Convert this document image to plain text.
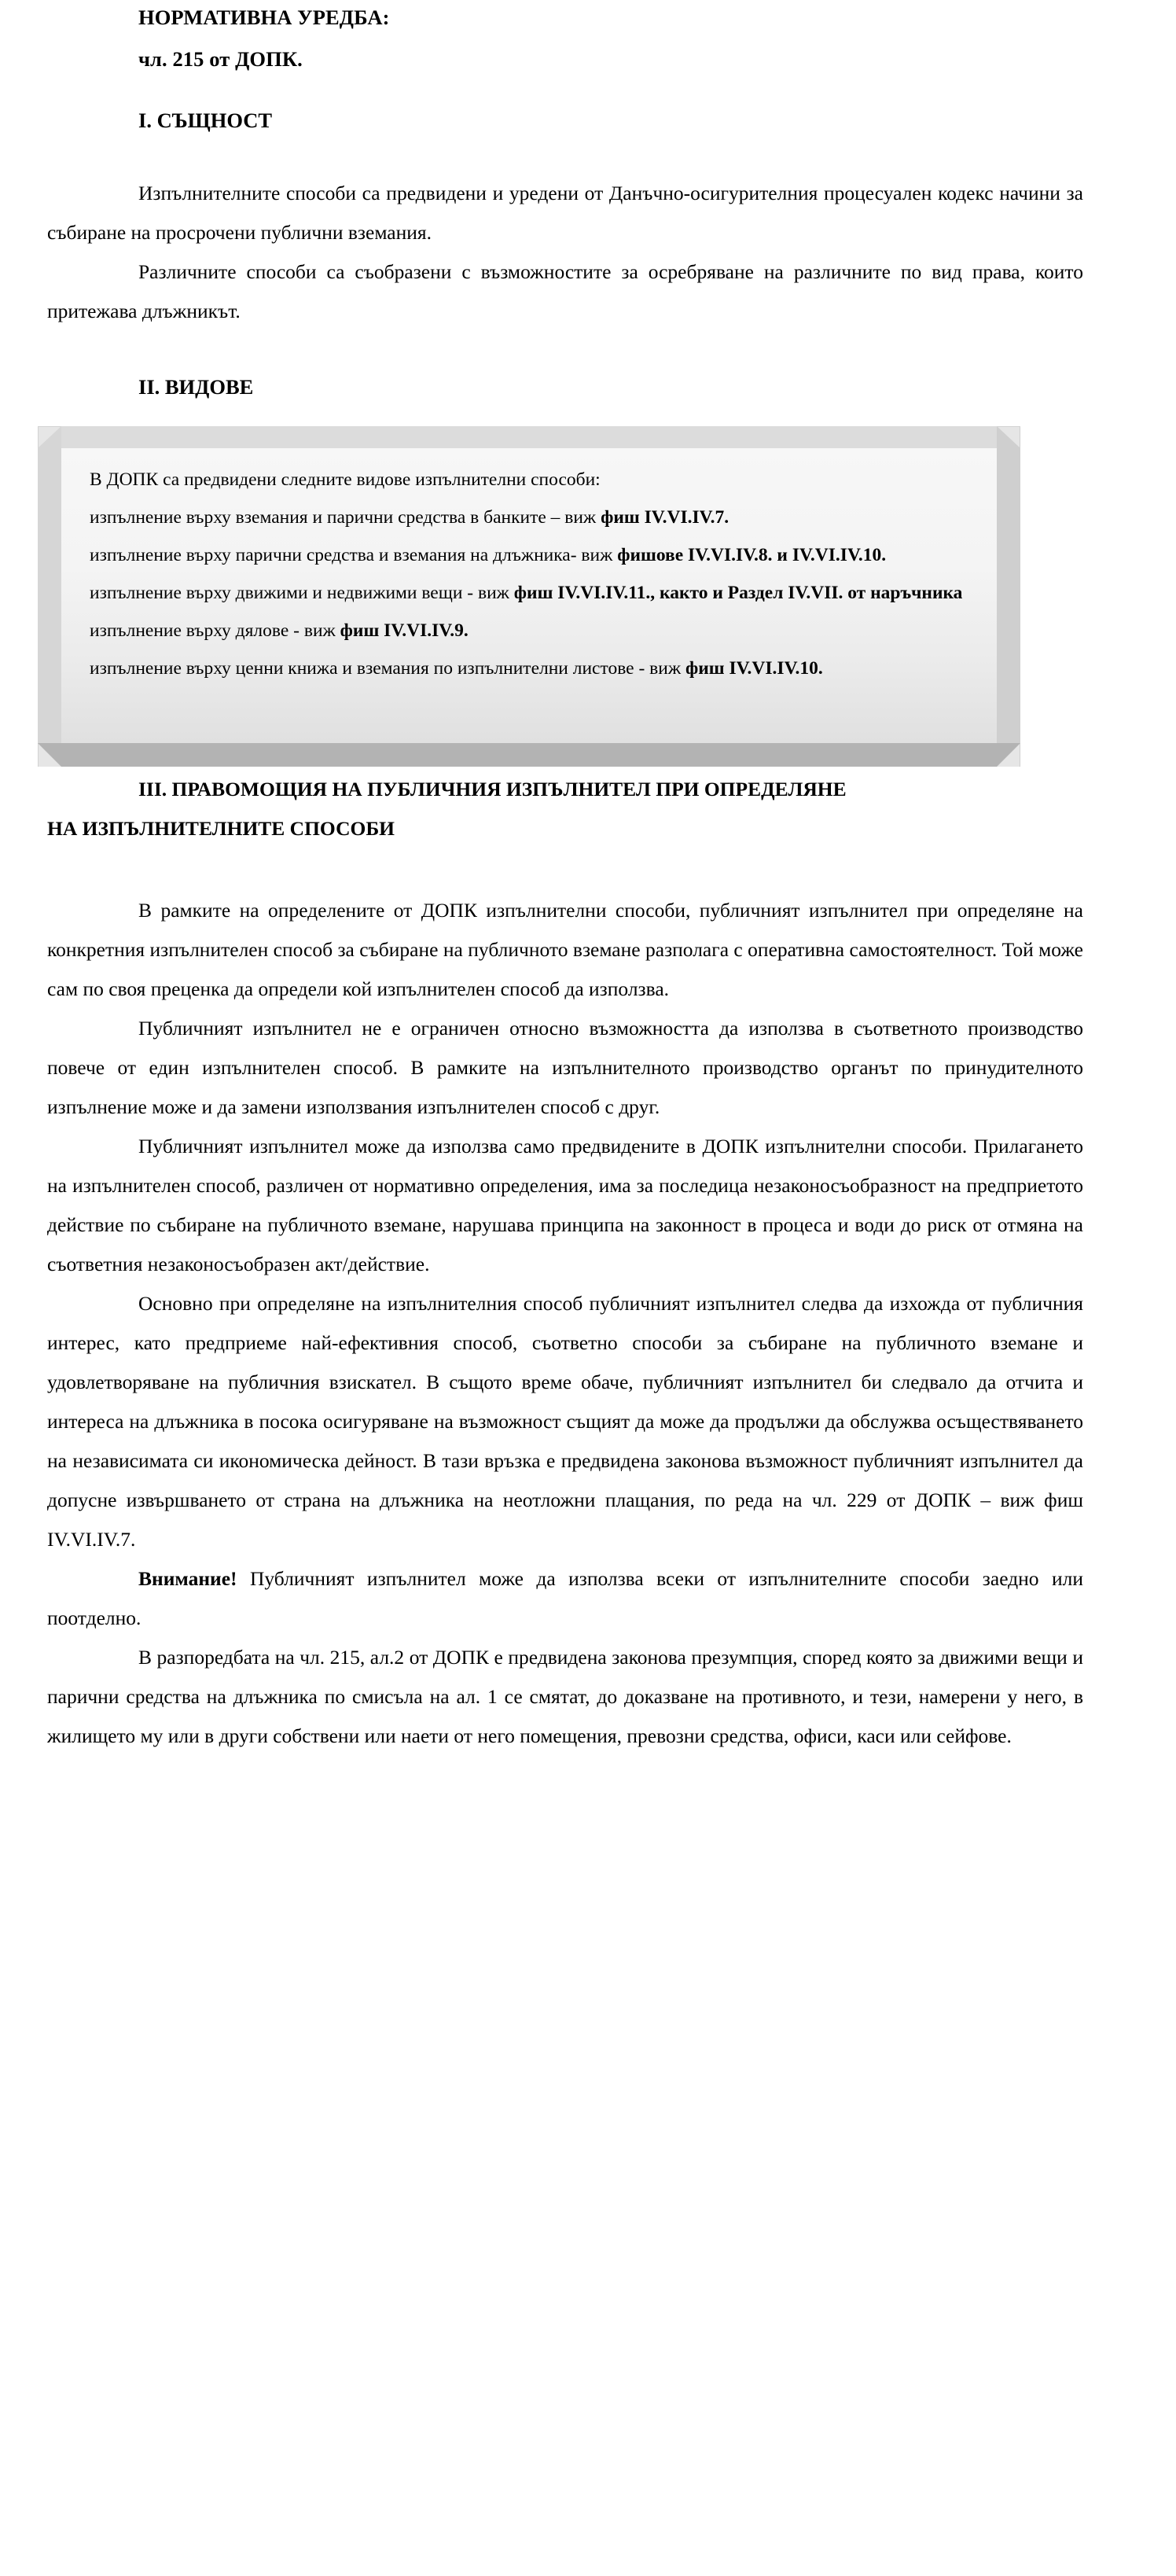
НОРМАТИВНА УРЕДБА:
чл. 215 от ДОПК.
I. СЪЩНОСТ

Изпълнителните способи са предвидени и уредени от Данъчно-осигурителния процесуален кодекс начини за събиране на просрочени публични вземания.

Различните способи са съобразени с възможностите за осребряване на различните по вид права, които притежава длъжникът.

II. ВИДОВЕ

В ДОПК са предвидени следните видове изпълнителни способи:

изпълнение върху вземания и парични средства в банките – виж фиш IV.VI.IV.7.

изпълнение върху парични средства и вземания на длъжника- виж фишове IV.VI.IV.8. и IV.VI.IV.10.

изпълнение върху движими и недвижими вещи - виж фиш IV.VI.IV.11., както и Раздел IV.VII. от наръчника

изпълнение върху дялове - виж фиш IV.VI.IV.9.

изпълнение върху ценни книжа и вземания по изпълнителни листове - виж фиш IV.VI.IV.10.

III. ПРАВОМОЩИЯ НА ПУБЛИЧНИЯ ИЗПЪЛНИТЕЛ ПРИ ОПРЕДЕЛЯНЕ
НА ИЗПЪЛНИТЕЛНИТЕ СПОСОБИ

В рамките на определените от ДОПК изпълнителни способи, публичният изпълнител при определяне на конкретния изпълнителен способ за събиране на публичното вземане разполага с оперативна самостоятелност. Той може сам по своя преценка да определи кой изпълнителен способ да използва.

Публичният изпълнител не е ограничен относно възможността да използва в съответното производство повече от един изпълнителен способ. В рамките на изпълнителното производство органът по принудителното изпълнение може и да замени използвания изпълнителен способ с друг.

Публичният изпълнител може да използва само предвидените в ДОПК изпълнителни способи. Прилагането на изпълнителен способ, различен от нормативно определения, има за последица незаконосъобразност на предприетото действие по събиране на публичното вземане, нарушава принципа на законност в процеса и води до риск от отмяна на съответния незаконосъобразен акт/действие.

Основно при определяне на изпълнителния способ публичният изпълнител следва да изхожда от публичния интерес, като предприеме най-ефективния способ, съответно способи за събиране на публичното вземане и удовлетворяване на публичния взискател. В същото време обаче, публичният изпълнител би следвало да отчита и интереса на длъжника в посока осигуряване на възможност същият да може да продължи да обслужва осъществяването на независимата си икономическа дейност. В тази връзка е предвидена законова възможност публичният изпълнител да допусне извършването от страна на длъжника на неотложни плащания, по реда на чл. 229 от ДОПК – виж фиш IV.VI.IV.7.

Внимание! Публичният изпълнител може да използва всеки от изпълнителните способи заедно или поотделно.

В разпоредбата на чл. 215, ал.2 от ДОПК е предвидена законова презумпция, според която за движими вещи и парични средства на длъжника по смисъла на ал. 1 се смятат, до доказване на противното, и тези, намерени у него, в жилището му или в други собствени или наети от него помещения, превозни средства, офиси, каси или сейфове.
